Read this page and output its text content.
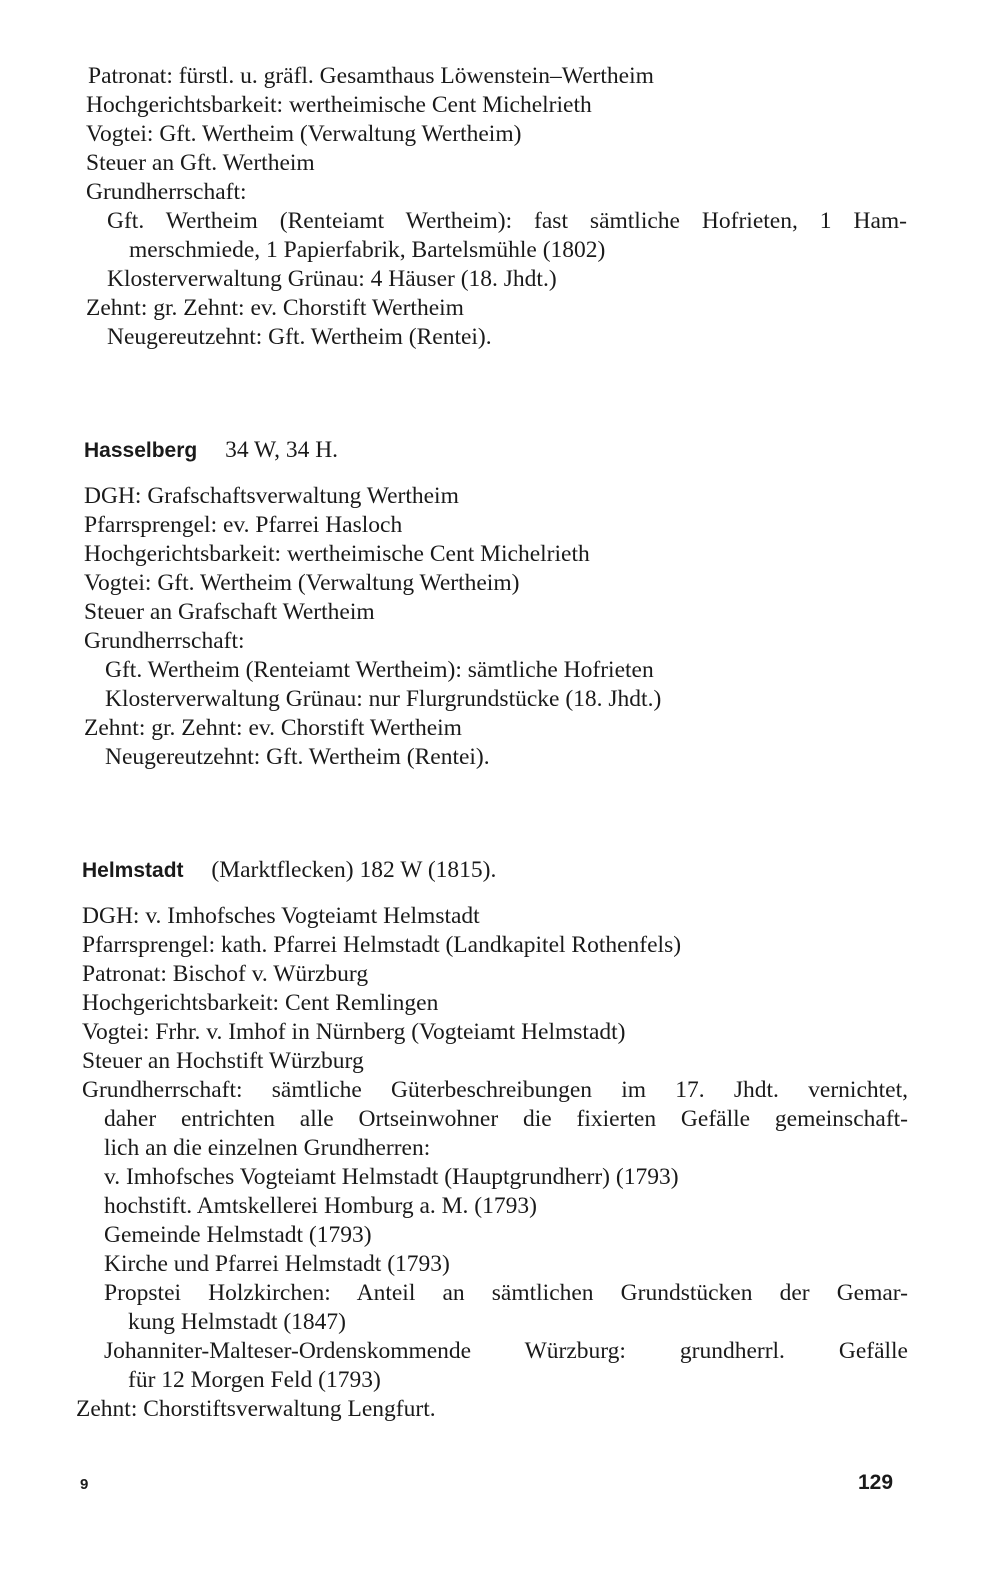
Patronat: fürstl. u. gräfl. Gesamthaus Löwenstein–Wertheim
Hochgerichtsbarkeit: wertheimische Cent Michelrieth
Vogtei: Gft. Wertheim (Verwaltung Wertheim)
Steuer an Gft. Wertheim
Grundherrschaft:
Gft. Wertheim (Renteiamt Wertheim): fast sämtliche Hofrieten, 1 Ham-
merschmiede, 1 Papierfabrik, Bartelsmühle (1802)
Klosterverwaltung Grünau: 4 Häuser (18. Jhdt.)
Zehnt: gr. Zehnt: ev. Chorstift Wertheim
Neugereutzehnt: Gft. Wertheim (Rentei).
Hasselberg 34 W, 34 H.
DGH: Grafschaftsverwaltung Wertheim
Pfarrsprengel: ev. Pfarrei Hasloch
Hochgerichtsbarkeit: wertheimische Cent Michelrieth
Vogtei: Gft. Wertheim (Verwaltung Wertheim)
Steuer an Grafschaft Wertheim
Grundherrschaft:
Gft. Wertheim (Renteiamt Wertheim): sämtliche Hofrieten
Klosterverwaltung Grünau: nur Flurgrundstücke (18. Jhdt.)
Zehnt: gr. Zehnt: ev. Chorstift Wertheim
Neugereutzehnt: Gft. Wertheim (Rentei).
Helmstadt (Marktflecken) 182 W (1815).
DGH: v. Imhofsches Vogteiamt Helmstadt
Pfarrsprengel: kath. Pfarrei Helmstadt (Landkapitel Rothenfels)
Patronat: Bischof v. Würzburg
Hochgerichtsbarkeit: Cent Remlingen
Vogtei: Frhr. v. Imhof in Nürnberg (Vogteiamt Helmstadt)
Steuer an Hochstift Würzburg
Grundherrschaft: sämtliche Güterbeschreibungen im 17. Jhdt. vernichtet,
daher entrichten alle Ortseinwohner die fixierten Gefälle gemeinschaft-
lich an die einzelnen Grundherren:
v. Imhofsches Vogteiamt Helmstadt (Hauptgrundherr) (1793)
hochstift. Amtskellerei Homburg a. M. (1793)
Gemeinde Helmstadt (1793)
Kirche und Pfarrei Helmstadt (1793)
Propstei Holzkirchen: Anteil an sämtlichen Grundstücken der Gemar-
kung Helmstadt (1847)
Johanniter-Malteser-Ordenskommende Würzburg: grundherrl. Gefälle
für 12 Morgen Feld (1793)
Zehnt: Chorstiftsverwaltung Lengfurt.
9	129
